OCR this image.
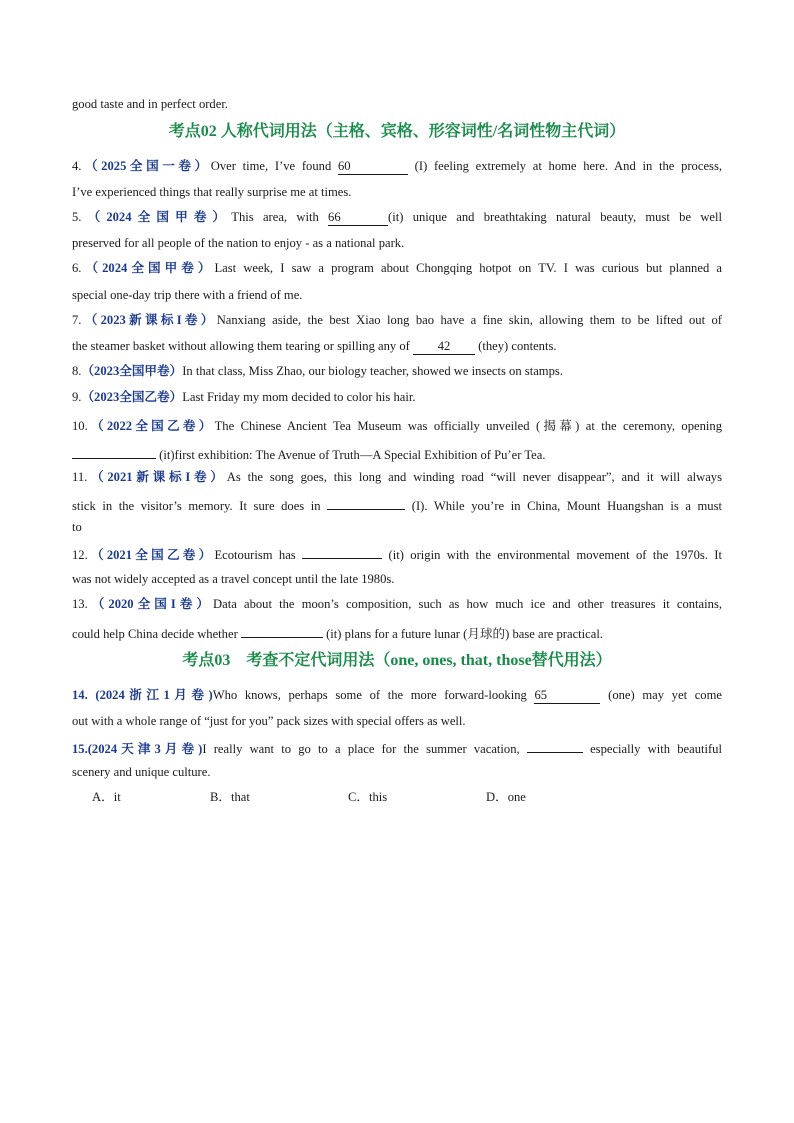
good taste and in perfect order.
考点02 人称代词用法（主格、宾格、形容词性/名词性物主代词）
4.（2025全国一卷）Over time, I’ve found 60	(I) feeling extremely at home here. And in the process,
I’ve experienced things that really surprise me at times.
5.（2024全国甲卷）This area, with 66	(it) unique and breathtaking natural beauty, must be well
preserved for all people of the nation to enjoy - as a national park.
6.（2024全国甲卷）Last week, I saw a program about Chongqing hotpot on TV. I was curious but planned a
special one-day trip there with a friend of me.
7.（2023新课标I卷）Nanxiang aside, the best Xiao long bao have a fine skin, allowing them to be lifted out of
the steamer basket without allowing them tearing or spilling any of 42 (they) contents.
8.（2023全国甲卷）In that class, Miss Zhao, our biology teacher, showed we insects on stamps.
9.（2023全国乙卷）Last Friday my mom decided to color his hair.
10.（2022全国乙卷）The Chinese Ancient Tea Museum was officially unveiled (揭幕) at the ceremony, opening
(it)first exhibition: The Avenue of Truth—A Special Exhibition of Pu’er Tea.
11.（2021新课标I卷）As the song goes, this long and winding road “will never disappear”, and it will always
stick in the visitor’s memory. It sure does in	(I). While you’re in China, Mount Huangshan is a must
to
12.（2021全国乙卷）Ecotourism has	(it) origin with the environmental movement of the 1970s. It
was not widely accepted as a travel concept until the late 1980s.
13.（2020全国I卷）Data about the moon’s composition, such as how much ice and other treasures it contains,
could help China decide whether	(it) plans for a future lunar (月球的) base are practical.
考点03　考查不定代词用法（one, ones, that, those替代用法）
14. (2024浙江1月卷)Who knows, perhaps some of the more forward-looking 65	(one) may yet come
out with a whole range of “just for you” pack sizes with special offers as well.
15.(2024天津3月卷)I really want to go to a place for the summer vacation,	especially with beautiful
scenery and unique culture.
A．it	B．that	C．this	D．one
